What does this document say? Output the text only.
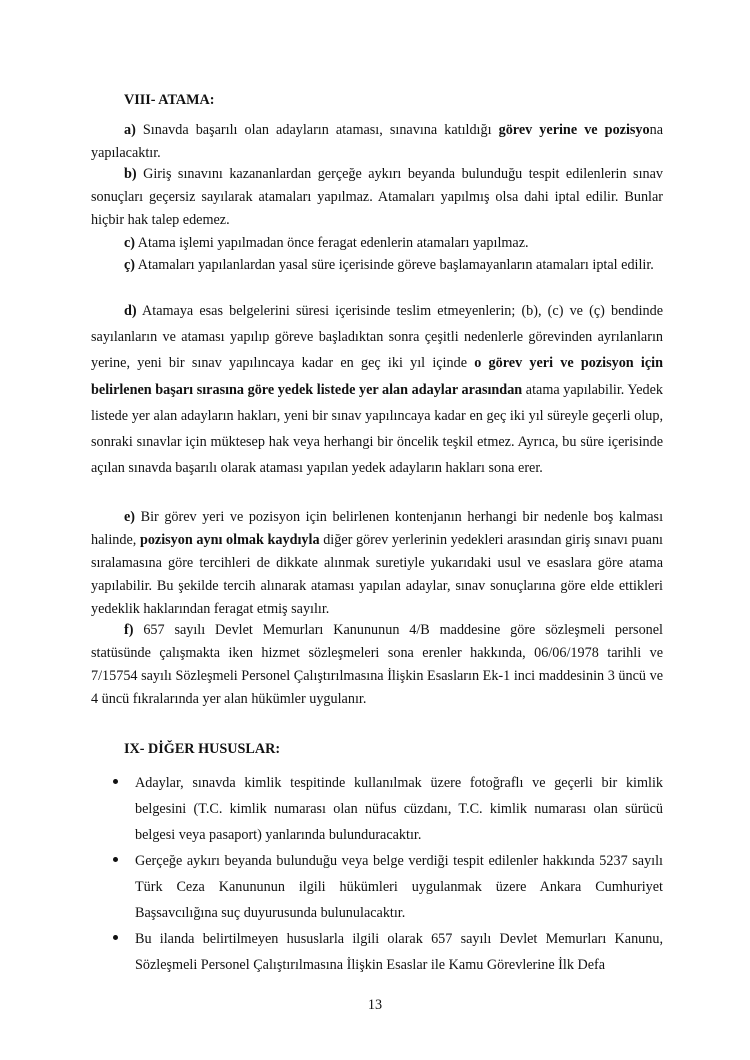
VIII- ATAMA:
a) Sınavda başarılı olan adayların ataması, sınavına katıldığı görev yerine ve pozisyona yapılacaktır.
b) Giriş sınavını kazananlardan gerçeğe aykırı beyanda bulunduğu tespit edilenlerin sınav sonuçları geçersiz sayılarak atamaları yapılmaz. Atamaları yapılmış olsa dahi iptal edilir. Bunlar hiçbir hak talep edemez.
c) Atama işlemi yapılmadan önce feragat edenlerin atamaları yapılmaz.
ç) Atamaları yapılanlardan yasal süre içerisinde göreve başlamayanların atamaları iptal edilir.
d) Atamaya esas belgelerini süresi içerisinde teslim etmeyenlerin; (b), (c) ve (ç) bendinde sayılanların ve ataması yapılıp göreve başladıktan sonra çeşitli nedenlerle görevinden ayrılanların yerine, yeni bir sınav yapılıncaya kadar en geç iki yıl içinde o görev yeri ve pozisyon için belirlenen başarı sırasına göre yedek listede yer alan adaylar arasından atama yapılabilir. Yedek listede yer alan adayların hakları, yeni bir sınav yapılıncaya kadar en geç iki yıl süreyle geçerli olup, sonraki sınavlar için müktesep hak veya herhangi bir öncelik teşkil etmez. Ayrıca, bu süre içerisinde açılan sınavda başarılı olarak ataması yapılan yedek adayların hakları sona erer.
e) Bir görev yeri ve pozisyon için belirlenen kontenjanın herhangi bir nedenle boş kalması halinde, pozisyon aynı olmak kaydıyla diğer görev yerlerinin yedekleri arasından giriş sınavı puanı sıralamasına göre tercihleri de dikkate alınmak suretiyle yukarıdaki usul ve esaslara göre atama yapılabilir. Bu şekilde tercih alınarak ataması yapılan adaylar, sınav sonuçlarına göre elde ettikleri yedeklik haklarından feragat etmiş sayılır.
f) 657 sayılı Devlet Memurları Kanununun 4/B maddesine göre sözleşmeli personel statüsünde çalışmakta iken hizmet sözleşmeleri sona erenler hakkında, 06/06/1978 tarihli ve 7/15754 sayılı Sözleşmeli Personel Çalıştırılmasına İlişkin Esasların Ek-1 inci maddesinin 3 üncü ve 4 üncü fıkralarında yer alan hükümler uygulanır.
IX- DİĞER HUSUSLAR:
Adaylar, sınavda kimlik tespitinde kullanılmak üzere fotoğraflı ve geçerli bir kimlik belgesini (T.C. kimlik numarası olan nüfus cüzdanı, T.C. kimlik numarası olan sürücü belgesi veya pasaport) yanlarında bulunduracaktır.
Gerçeğe aykırı beyanda bulunduğu veya belge verdiği tespit edilenler hakkında 5237 sayılı Türk Ceza Kanununun ilgili hükümleri uygulanmak üzere Ankara Cumhuriyet Başsavcılığına suç duyurusunda bulunulacaktır.
Bu ilanda belirtilmeyen hususlarla ilgili olarak 657 sayılı Devlet Memurları Kanunu, Sözleşmeli Personel Çalıştırılmasına İlişkin Esaslar ile Kamu Görevlerine İlk Defa
13
